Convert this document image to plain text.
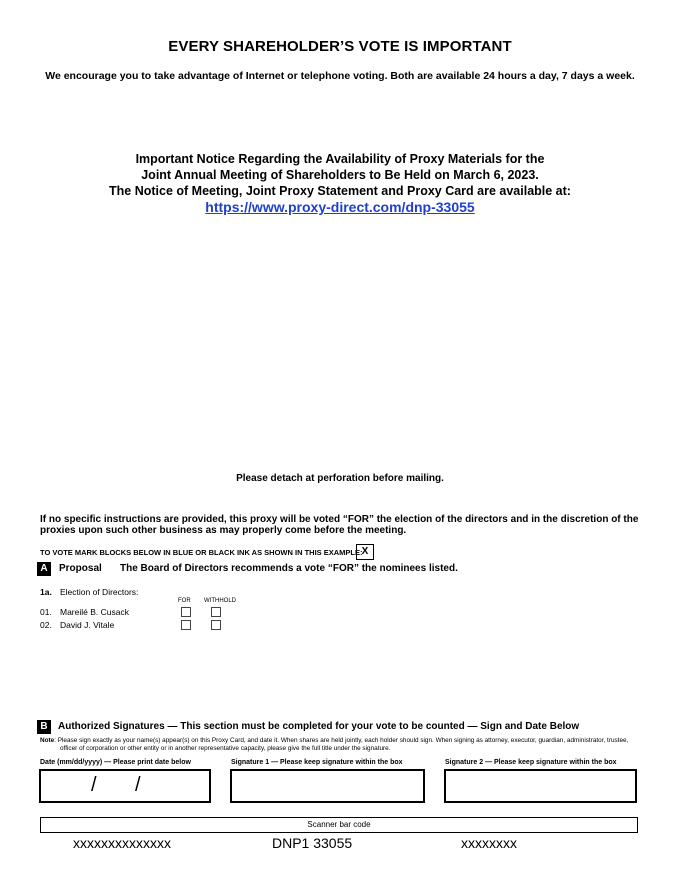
EVERY SHAREHOLDER’S VOTE IS IMPORTANT
We encourage you to take advantage of Internet or telephone voting. Both are available 24 hours a day, 7 days a week.
Important Notice Regarding the Availability of Proxy Materials for the
Joint Annual Meeting of Shareholders to Be Held on March 6, 2023.
The Notice of Meeting, Joint Proxy Statement and Proxy Card are available at:
https://www.proxy-direct.com/dnp-33055
Please detach at perforation before mailing.
If no specific instructions are provided, this proxy will be voted “FOR” the election of the directors and in the discretion of the proxies upon such other business as may properly come before the meeting.
TO VOTE MARK BLOCKS BELOW IN BLUE OR BLACK INK AS SHOWN IN THIS EXAMPLE: X
A	Proposal The Board of Directors recommends a vote “FOR” the nominees listed.
1a. Election of Directors:
FOR WITHHOLD
01. Mareilé B. Cusack
02. David J. Vitale
B	Authorized Signatures — This section must be completed for your vote to be counted — Sign and Date Below
Note: Please sign exactly as your name(s) appear(s) on this Proxy Card, and date it. When shares are held jointly, each holder should sign. When signing as attorney, executor, guardian, administrator, trustee, officer of corporation or other entity or in another representative capacity, please give the full title under the signature.
Date (mm/dd/yyyy) — Please print date below	Signature 1 — Please keep signature within the box	Signature 2 — Please keep signature within the box
/ /
Scanner bar code
xxxxxxxxxxxxxx	DNP1 33055	xxxxxxxx
